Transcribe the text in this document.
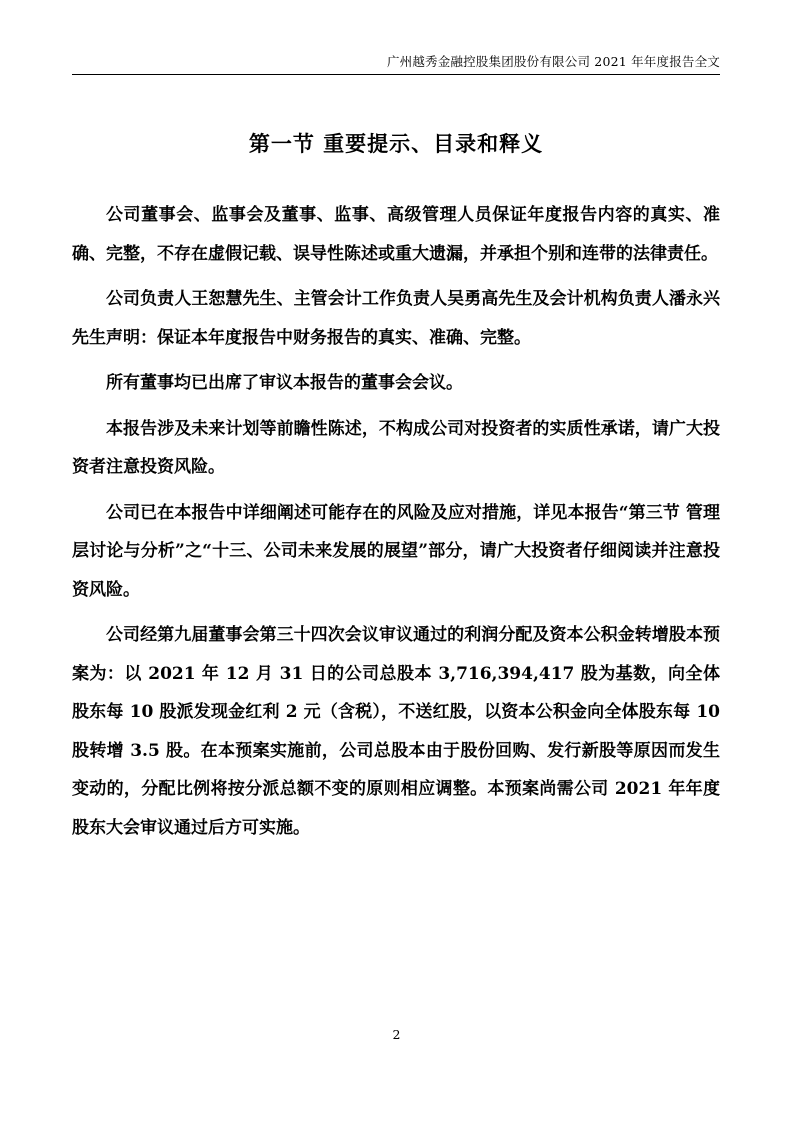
广州越秀金融控股集团股份有限公司 2021 年年度报告全文
第一节 重要提示、目录和释义

公司董事会、监事会及董事、监事、高级管理人员保证年度报告内容的真实、准确、完整，不存在虚假记载、误导性陈述或重大遗漏，并承担个别和连带的法律责任。

公司负责人王恕慧先生、主管会计工作负责人吴勇高先生及会计机构负责人潘永兴先生声明：保证本年度报告中财务报告的真实、准确、完整。

所有董事均已出席了审议本报告的董事会会议。

本报告涉及未来计划等前瞻性陈述，不构成公司对投资者的实质性承诺，请广大投资者注意投资风险。

公司已在本报告中详细阐述可能存在的风险及应对措施，详见本报告“第三节 管理层讨论与分析”之“十三、公司未来发展的展望”部分，请广大投资者仔细阅读并注意投资风险。

公司经第九届董事会第三十四次会议审议通过的利润分配及资本公积金转增股本预案为：以 2021 年 12 月 31 日的公司总股本 3,716,394,417 股为基数，向全体股东每 10 股派发现金红利 2 元（含税），不送红股，以资本公积金向全体股东每 10 股转增 3.5 股。在本预案实施前，公司总股本由于股份回购、发行新股等原因而发生变动的，分配比例将按分派总额不变的原则相应调整。本预案尚需公司 2021 年年度股东大会审议通过后方可实施。

2
